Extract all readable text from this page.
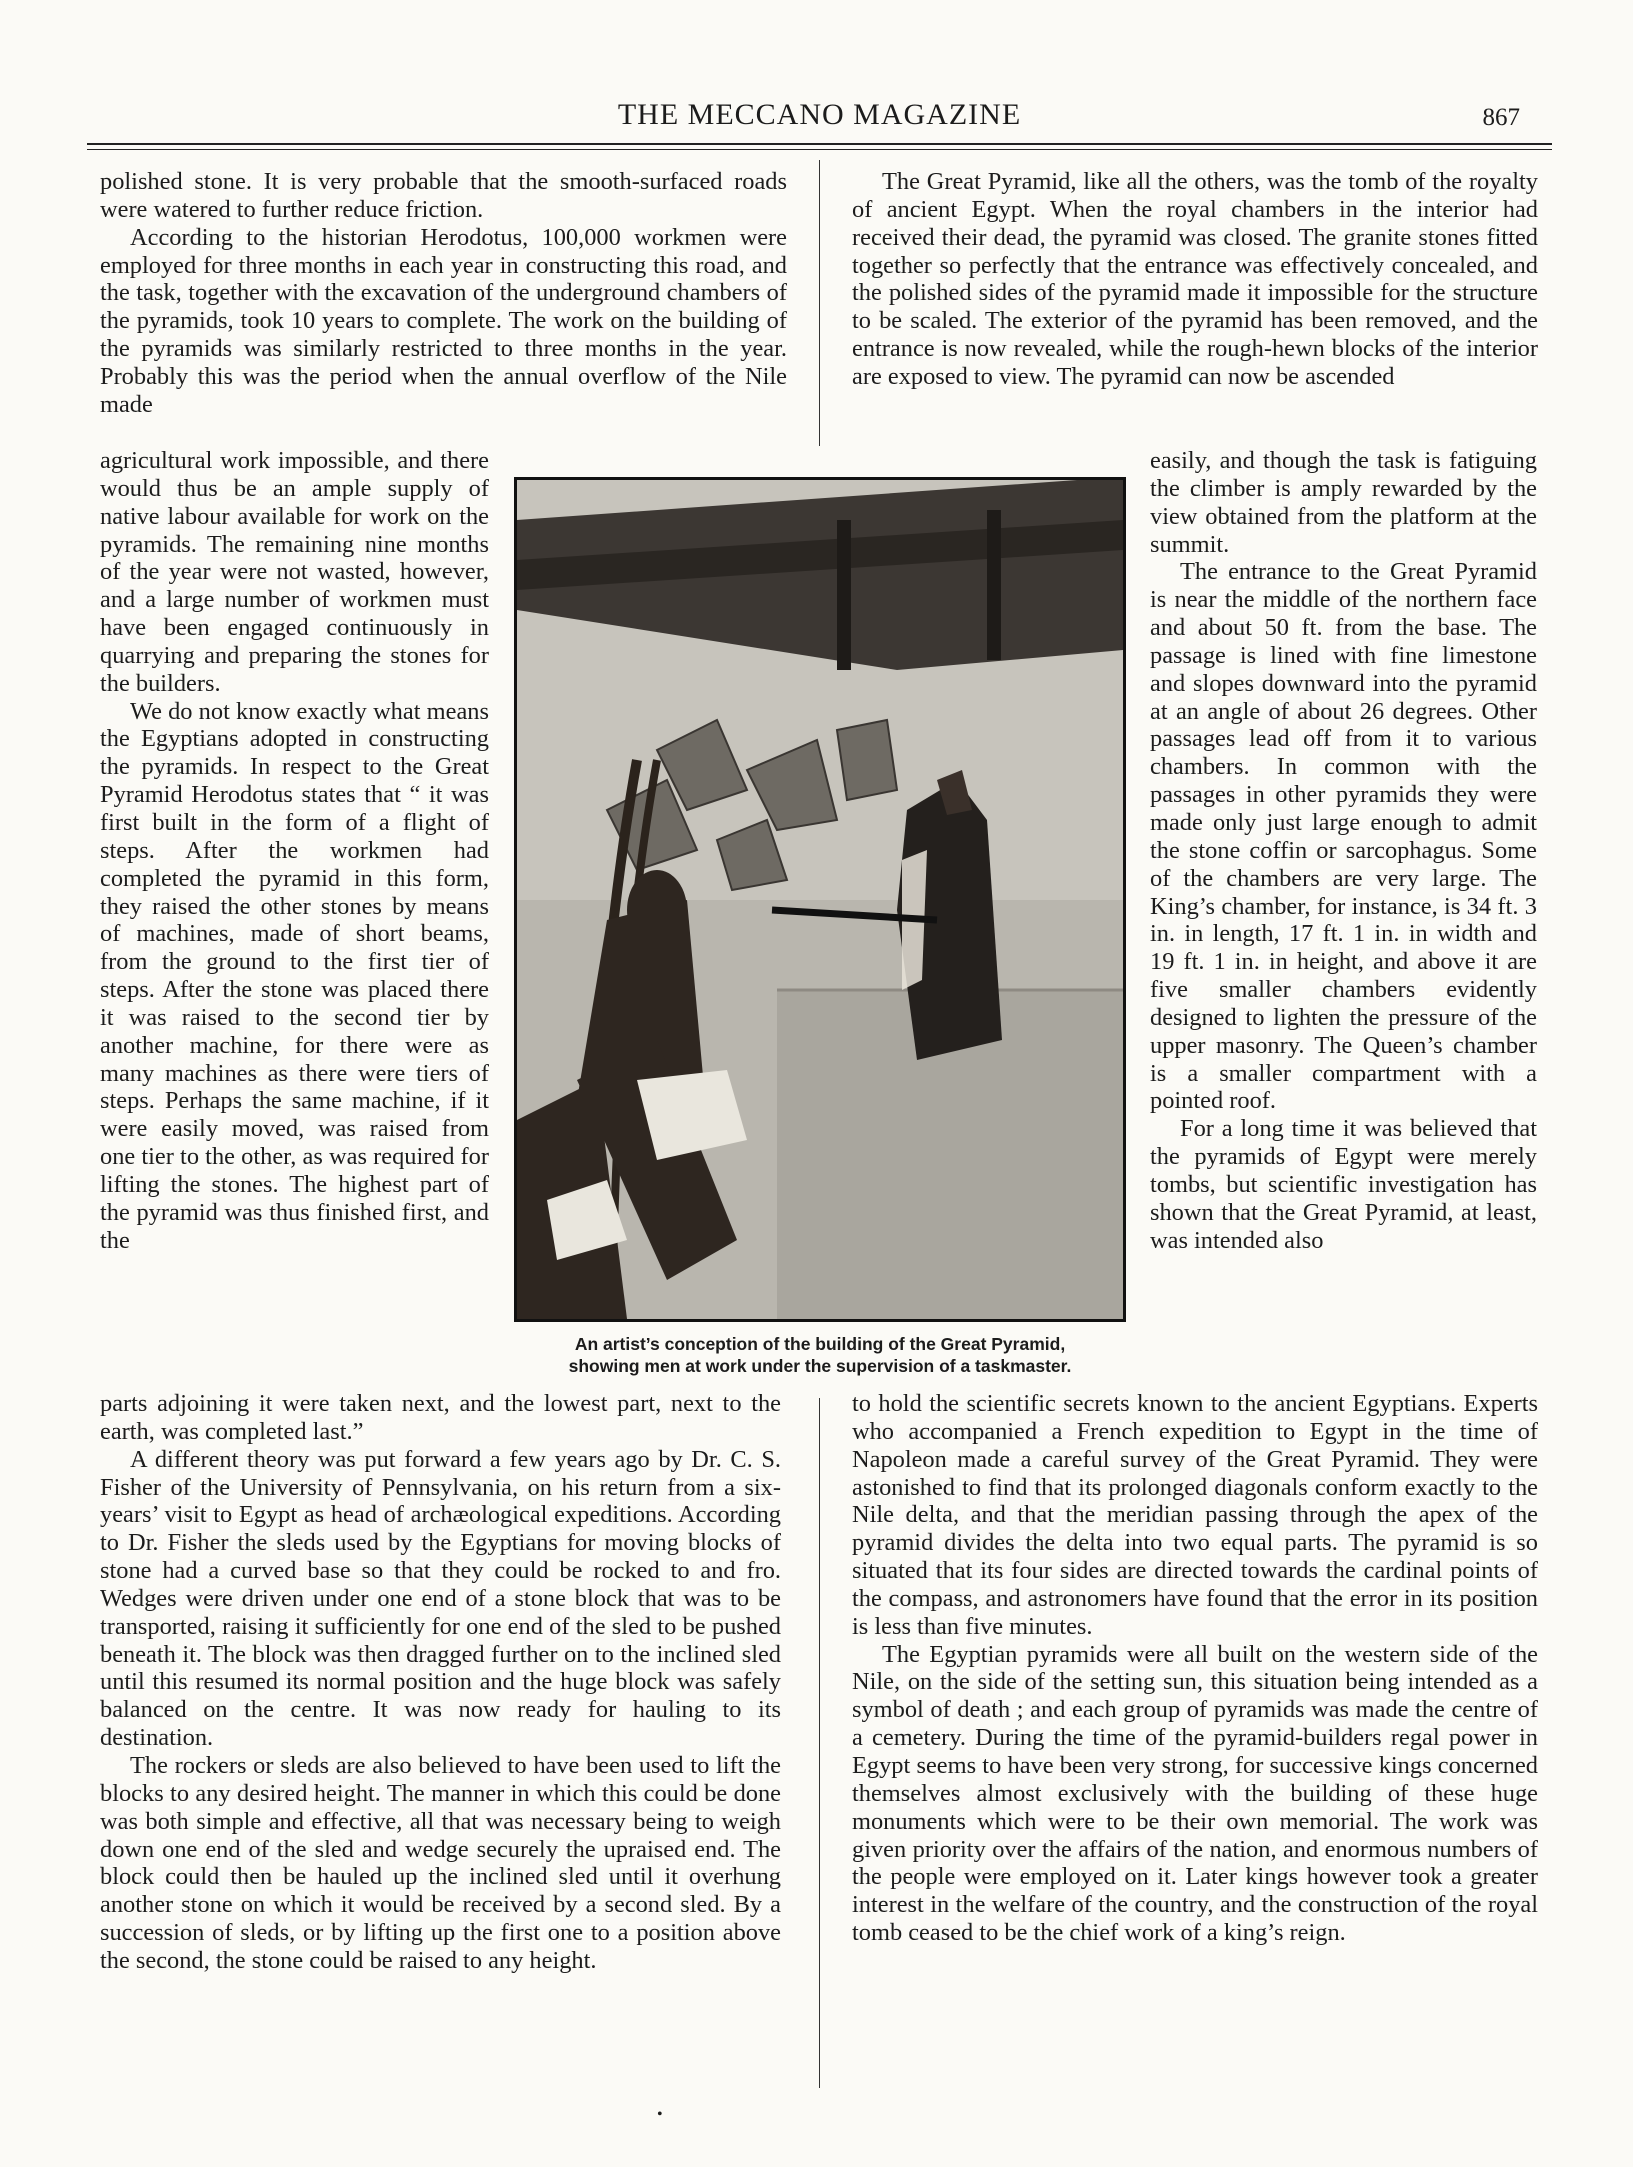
THE MECCANO MAGAZINE	867

polished stone. It is very probable that the smooth-surfaced roads were watered to further reduce friction.

According to the historian Herodotus, 100,000 workmen were employed for three months in each year in constructing this road, and the task, together with the excavation of the underground chambers of the pyramids, took 10 years to complete. The work on the building of the pyramids was similarly restricted to three months in the year. Probably this was the period when the annual overflow of the Nile made

agricultural work impossible, and there would thus be an ample supply of native labour available for work on the pyramids. The remaining nine months of the year were not wasted, however, and a large number of workmen must have been engaged continuously in quarrying and preparing the stones for the builders.

We do not know exactly what means the Egyptians adopted in constructing the pyramids. In respect to the Great Pyramid Herodotus states that “ it was first built in the form of a flight of steps. After the workmen had completed the pyramid in this form, they raised the other stones by means of machines, made of short beams, from the ground to the first tier of steps. After the stone was placed there it was raised to the second tier by another machine, for there were as many machines as there were tiers of steps. Perhaps the same machine, if it were easily moved, was raised from one tier to the other, as was required for lifting the stones. The highest part of the pyramid was thus finished first, and the

parts adjoining it were taken next, and the lowest part, next to the earth, was completed last.”

A different theory was put forward a few years ago by Dr. C. S. Fisher of the University of Pennsylvania, on his return from a six-years’ visit to Egypt as head of archæological expeditions. According to Dr. Fisher the sleds used by the Egyptians for moving blocks of stone had a curved base so that they could be rocked to and fro. Wedges were driven under one end of a stone block that was to be transported, raising it sufficiently for one end of the sled to be pushed beneath it. The block was then dragged further on to the inclined sled until this resumed its normal position and the huge block was safely balanced on the centre. It was now ready for hauling to its destination.

The rockers or sleds are also believed to have been used to lift the blocks to any desired height. The manner in which this could be done was both simple and effective, all that was necessary being to weigh down one end of the sled and wedge securely the upraised end. The block could then be hauled up the inclined sled until it overhung another stone on which it would be received by a second sled. By a succession of sleds, or by lifting up the first one to a position above the second, the stone could be raised to any height.

The Great Pyramid, like all the others, was the tomb of the royalty of ancient Egypt. When the royal chambers in the interior had received their dead, the pyramid was closed. The granite stones fitted together so perfectly that the entrance was effectively concealed, and the polished sides of the pyramid made it impossible for the structure to be scaled. The exterior of the pyramid has been removed, and the entrance is now revealed, while the rough-hewn blocks of the interior are exposed to view. The pyramid can now be ascended

easily, and though the task is fatiguing the climber is amply rewarded by the view obtained from the platform at the summit.

The entrance to the Great Pyramid is near the middle of the northern face and about 50 ft. from the base. The passage is lined with fine limestone and slopes downward into the pyramid at an angle of about 26 degrees. Other passages lead off from it to various chambers. In common with the passages in other pyramids they were made only just large enough to admit the stone coffin or sarcophagus. Some of the chambers are very large. The King’s chamber, for instance, is 34 ft. 3 in. in length, 17 ft. 1 in. in width and 19 ft. 1 in. in height, and above it are five smaller chambers evidently designed to lighten the pressure of the upper masonry. The Queen’s chamber is a smaller compartment with a pointed roof.

For a long time it was believed that the pyramids of Egypt were merely tombs, but scientific investigation has shown that the Great Pyramid, at least, was intended also

to hold the scientific secrets known to the ancient Egyptians. Experts who accompanied a French expedition to Egypt in the time of Napoleon made a careful survey of the Great Pyramid. They were astonished to find that its prolonged diagonals conform exactly to the Nile delta, and that the meridian passing through the apex of the pyramid divides the delta into two equal parts. The pyramid is so situated that its four sides are directed towards the cardinal points of the compass, and astronomers have found that the error in its position is less than five minutes.

The Egyptian pyramids were all built on the western side of the Nile, on the side of the setting sun, this situation being intended as a symbol of death ; and each group of pyramids was made the centre of a cemetery. During the time of the pyramid-builders regal power in Egypt seems to have been very strong, for successive kings concerned themselves almost exclusively with the building of these huge monuments which were to be their own memorial. The work was given priority over the affairs of the nation, and enormous numbers of the people were employed on it. Later kings however took a greater interest in the welfare of the country, and the construction of the royal tomb ceased to be the chief work of a king’s reign.

An artist’s conception of the building of the Great Pyramid,
showing men at work under the supervision of a taskmaster.
•
